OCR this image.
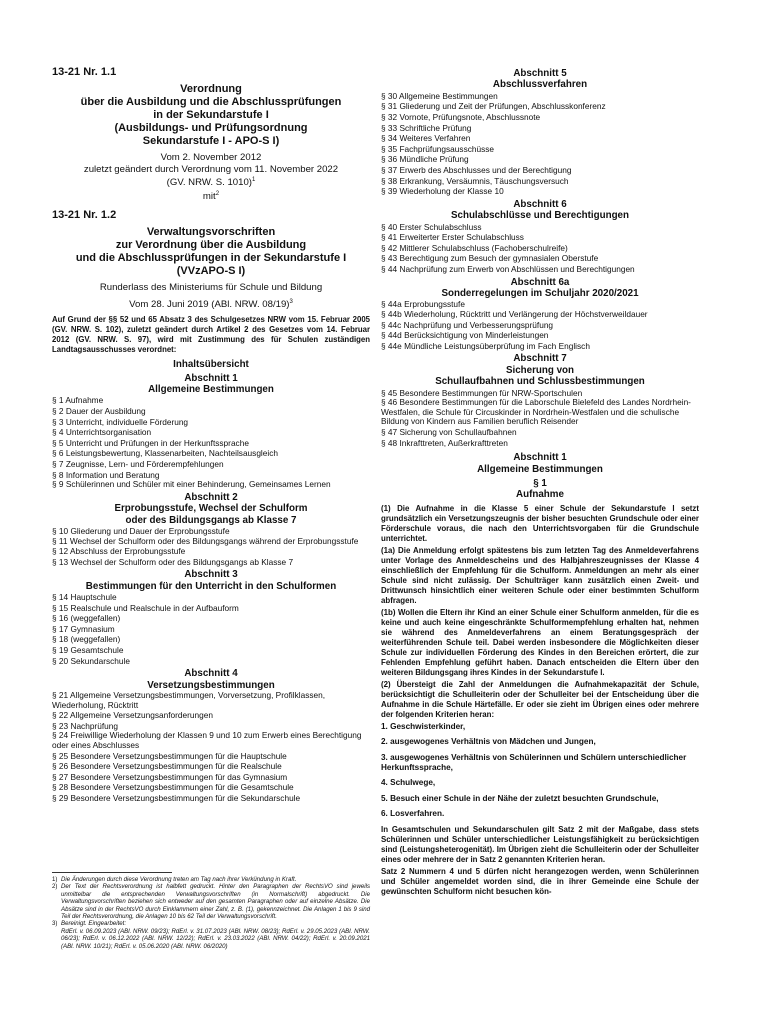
13-21 Nr. 1.1
Verordnung
über die Ausbildung und die Abschlussprüfungen
in der Sekundarstufe I
(Ausbildungs- und Prüfungsordnung
Sekundarstufe I - APO-S I)
Vom 2. November 2012
zuletzt geändert durch Verordnung vom 11. November 2022
(GV. NRW. S. 1010)$^1$
mit$^2$
13-21 Nr. 1.2
Verwaltungsvorschriften
zur Verordnung über die Ausbildung
und die Abschlussprüfungen in der Sekundarstufe I
(VVzAPO-S I)
Runderlass des Ministeriums für Schule und Bildung
Vom 28. Juni 2019 (ABl. NRW. 08/19)$^3$
Auf Grund der §§ 52 und 65 Absatz 3 des Schulgesetzes NRW vom 15. Februar 2005 (GV. NRW. S. 102), zuletzt geändert durch Artikel 2 des Gesetzes vom 14. Februar 2012 (GV. NRW. S. 97), wird mit Zustimmung des für Schulen zuständigen Landtagsausschusses verordnet:
Inhaltsübersicht
Abschnitt 1
Allgemeine Bestimmungen
§ 1 Aufnahme
§ 2 Dauer der Ausbildung
§ 3 Unterricht, individuelle Förderung
§ 4 Unterrichtsorganisation
§ 5 Unterricht und Prüfungen in der Herkunftssprache
§ 6 Leistungsbewertung, Klassenarbeiten, Nachteilsausgleich
§ 7 Zeugnisse, Lern- und Förderempfehlungen
§ 8 Information und Beratung
§ 9 Schülerinnen und Schüler mit einer Behinderung, Gemeinsames Lernen
Abschnitt 2
Erprobungsstufe, Wechsel der Schulform
oder des Bildungsgangs ab Klasse 7
§ 10 Gliederung und Dauer der Erprobungsstufe
§ 11 Wechsel der Schulform oder des Bildungsgangs während der Erprobungsstufe
§ 12 Abschluss der Erprobungsstufe
§ 13 Wechsel der Schulform oder des Bildungsgangs ab Klasse 7
Abschnitt 3
Bestimmungen für den Unterricht in den Schulformen
§ 14 Hauptschule
§ 15 Realschule und Realschule in der Aufbauform
§ 16 (weggefallen)
§ 17 Gymnasium
§ 18 (weggefallen)
§ 19 Gesamtschule
§ 20 Sekundarschule
Abschnitt 4
Versetzungsbestimmungen
§ 21 Allgemeine Versetzungsbestimmungen, Vorversetzung, Profilklassen, Wiederholung, Rücktritt
§ 22 Allgemeine Versetzungsanforderungen
§ 23 Nachprüfung
§ 24 Freiwillige Wiederholung der Klassen 9 und 10 zum Erwerb eines Berechtigung oder eines Abschlusses
§ 25 Besondere Versetzungsbestimmungen für die Hauptschule
§ 26 Besondere Versetzungsbestimmungen für die Realschule
§ 27 Besondere Versetzungsbestimmungen für das Gymnasium
§ 28 Besondere Versetzungsbestimmungen für die Gesamtschule
§ 29 Besondere Versetzungsbestimmungen für die Sekundarschule
1) Die Änderungen durch diese Verordnung treten am Tag nach ihrer Verkündung in Kraft.
2) Der Text der Rechtsverordnung ist halbfett gedruckt. Hinter den Paragraphen der RechtsVO sind jeweils unmittelbar die entsprechenden Verwaltungsvorschriften (in Normalschrift) abgedruckt. Die Verwaltungsvorschriften beziehen sich entweder auf den gesamten Paragraphen oder auf einzelne Absätze. Die Absätze sind in der RechtsVO durch Einklammern einer Zahl, z. B. (1), gekennzeichnet. Die Anlagen 1 bis 9 sind Teil der Rechtsverordnung, die Anlagen 10 bis 62 Teil der Verwaltungsvorschrift.
3) Bereinigt. Eingearbeitet:
RdErl. v. 06.09.2023 (ABl. NRW. 09/23); RdErl. v. 31.07.2023 (ABl. NRW. 08/23); RdErl. v. 29.05.2023 (ABl. NRW. 06/23); RdErl. v. 06.12.2022 (ABl. NRW. 12/22); RdErl. v. 23.03.2022 (ABl. NRW. 04/22); RdErl. v. 20.09.2021 (ABl. NRW. 10/21); RdErl. v. 05.06.2020 (ABl. NRW. 06/2020)
Abschnitt 5
Abschlussverfahren
§ 30 Allgemeine Bestimmungen
§ 31 Gliederung und Zeit der Prüfungen, Abschlusskonferenz
§ 32 Vornote, Prüfungsnote, Abschlussnote
§ 33 Schriftliche Prüfung
§ 34 Weiteres Verfahren
§ 35 Fachprüfungsausschüsse
§ 36 Mündliche Prüfung
§ 37 Erwerb des Abschlusses und der Berechtigung
§ 38 Erkrankung, Versäumnis, Täuschungsversuch
§ 39 Wiederholung der Klasse 10
Abschnitt 6
Schulabschlüsse und Berechtigungen
§ 40 Erster Schulabschluss
§ 41 Erweiterter Erster Schulabschluss
§ 42 Mittlerer Schulabschluss (Fachoberschulreife)
§ 43 Berechtigung zum Besuch der gymnasialen Oberstufe
§ 44 Nachprüfung zum Erwerb von Abschlüssen und Berechtigungen
Abschnitt 6a
Sonderregelungen im Schuljahr 2020/2021
§ 44a Erprobungsstufe
§ 44b Wiederholung, Rücktritt und Verlängerung der Höchstverweildauer
§ 44c Nachprüfung und Verbesserungsprüfung
§ 44d Berücksichtigung von Minderleistungen
§ 44e Mündliche Leistungsüberprüfung im Fach Englisch
Abschnitt 7
Sicherung von
Schullaufbahnen und Schlussbestimmungen
§ 45 Besondere Bestimmungen für NRW-Sportschulen
§ 46 Besondere Bestimmungen für die Laborschule Bielefeld des Landes Nordrhein-Westfalen, die Schule für Circuskinder in Nordrhein-Westfalen und die schulische Bildung von Kindern aus Familien beruflich Reisender
§ 47 Sicherung von Schullaufbahnen
§ 48 Inkrafttreten, Außerkrafttreten
Abschnitt 1
Allgemeine Bestimmungen
§ 1
Aufnahme
(1) Die Aufnahme in die Klasse 5 einer Schule der Sekundarstufe I setzt grundsätzlich ein Versetzungszeugnis der bisher besuchten Grundschule oder einer Förderschule voraus, die nach den Unterrichtsvorgaben für die Grundschule unterrichtet.
(1a) Die Anmeldung erfolgt spätestens bis zum letzten Tag des Anmeldeverfahrens unter Vorlage des Anmeldescheins und des Halbjahreszeugnisses der Klasse 4 einschließlich der Empfehlung für die Schulform. Anmeldungen an mehr als einer Schule sind nicht zulässig. Der Schulträger kann zusätzlich einen Zweit- und Drittwunsch hinsichtlich einer weiteren Schule oder einer bestimmten Schulform abfragen.
(1b) Wollen die Eltern ihr Kind an einer Schule einer Schulform anmelden, für die es keine und auch keine eingeschränkte Schulformempfehlung erhalten hat, nehmen sie während des Anmeldeverfahrens an einem Beratungsgespräch der weiterführenden Schule teil. Dabei werden insbesondere die Möglichkeiten dieser Schule zur individuellen Förderung des Kindes in den Bereichen erörtert, die zur Fehlenden Empfehlung geführt haben. Danach entscheiden die Eltern über den weiteren Bildungsgang ihres Kindes in der Sekundarstufe I.
(2) Übersteigt die Zahl der Anmeldungen die Aufnahmekapazität der Schule, berücksichtigt die Schulleiterin oder der Schulleiter bei der Entscheidung über die Aufnahme in die Schule Härtefälle. Er oder sie zieht im Übrigen eines oder mehrere der folgenden Kriterien heran:
1. Geschwisterkinder,
2. ausgewogenes Verhältnis von Mädchen und Jungen,
3. ausgewogenes Verhältnis von Schülerinnen und Schülern unterschiedlicher Herkunftssprache,
4. Schulwege,
5. Besuch einer Schule in der Nähe der zuletzt besuchten Grundschule,
6. Losverfahren.
In Gesamtschulen und Sekundarschulen gilt Satz 2 mit der Maßgabe, dass stets Schülerinnen und Schüler unterschiedlicher Leistungsfähigkeit zu berücksichtigen sind (Leistungsheterogenität). Im Übrigen zieht die Schulleiterin oder der Schulleiter eines oder mehrere der in Satz 2 genannten Kriterien heran.
Satz 2 Nummern 4 und 5 dürfen nicht herangezogen werden, wenn Schülerinnen und Schüler angemeldet worden sind, die in ihrer Gemeinde eine Schule der gewünschten Schulform nicht besuchen kön-
